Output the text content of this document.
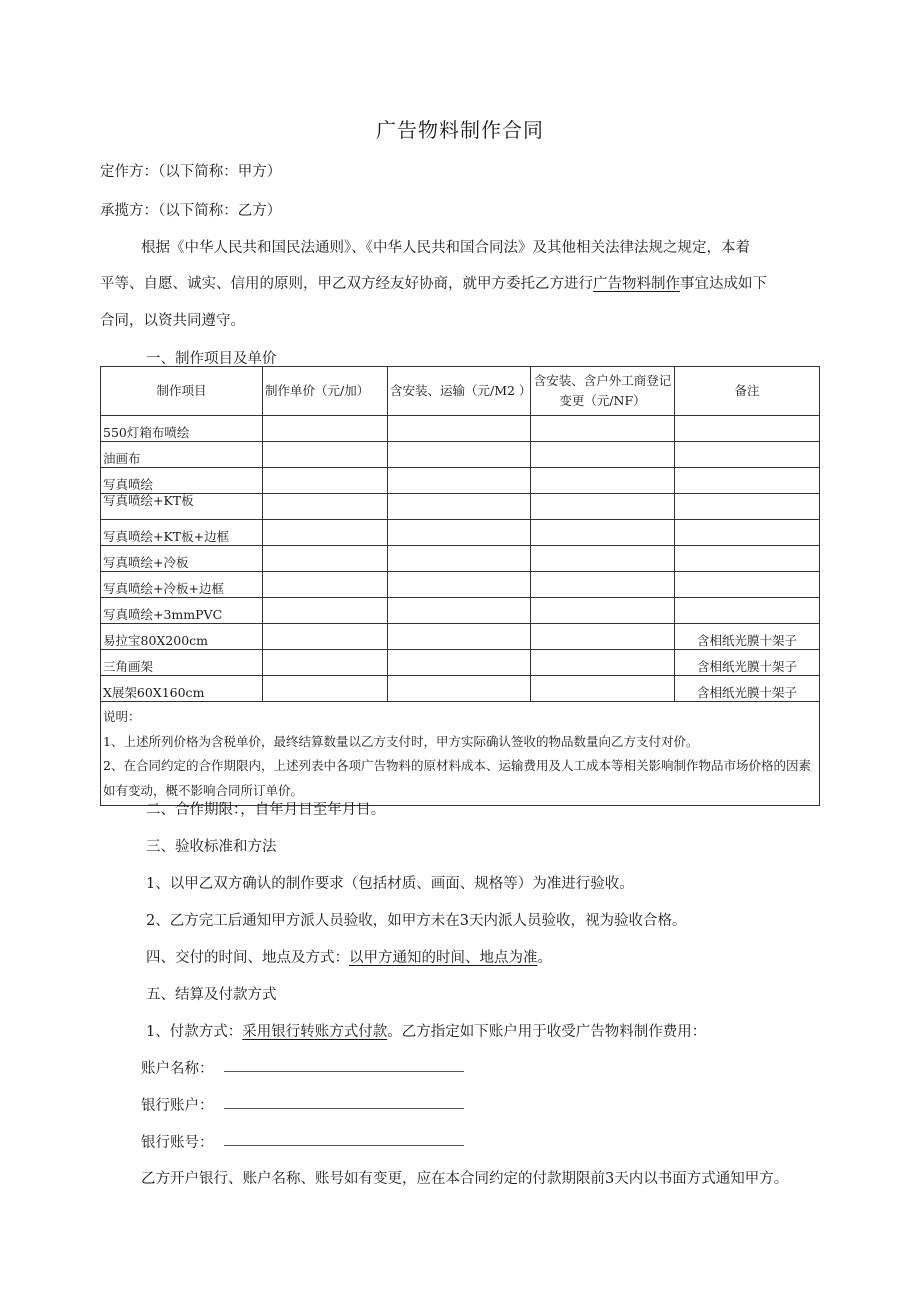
广告物料制作合同
定作方：（以下简称：甲方）
承揽方：（以下简称：乙方）
根据《中华人民共和国民法通则》、《中华人民共和国合同法》及其他相关法律法规之规定，本着
平等、自愿、诚实、信用的原则，甲乙双方经友好协商，就甲方委托乙方进行广告物料制作事宜达成如下
合同，以资共同遵守。
一、制作项目及单价
制作项目	制作单价（元/加）	含安装、运输（元/M2 ）	含安装、含户外工商登记变更（元/NF）	备注
550灯箱布喷绘				
油画布				
写真喷绘				
写真喷绘+KT板				
写真喷绘+KT板+边框				
写真喷绘+冷板				
写真喷绘+冷板+边框				
写真喷绘+3mmPVC				
易拉宝80X200cm				含相纸光膜十架子
三角画架				含相纸光膜十架子
X展架60X160cm				含相纸光膜十架子

说明：
1、上述所列价格为含税单价，最终结算数量以乙方支付时，甲方实际确认签收的物品数量向乙方支付对价。
2、在合同约定的合作期限内，上述列表中各项广告物料的原材料成本、运输费用及人工成本等相关影响制作物品市场价格的因素如有变动，概不影响合同所订单价。				
二、合作期限：，自年月日至年月日。
三、验收标准和方法
1、以甲乙双方确认的制作要求（包括材质、画面、规格等）为准进行验收。
2、乙方完工后通知甲方派人员验收，如甲方未在3天内派人员验收，视为验收合格。
四、交付的时间、地点及方式：以甲方通知的时间、地点为准。
五、结算及付款方式
1、付款方式：采用银行转账方式付款。乙方指定如下账户用于收受广告物料制作费用：
账户名称：
银行账户：
银行账号：
乙方开户银行、账户名称、账号如有变更，应在本合同约定的付款期限前3天内以书面方式通知甲方。
